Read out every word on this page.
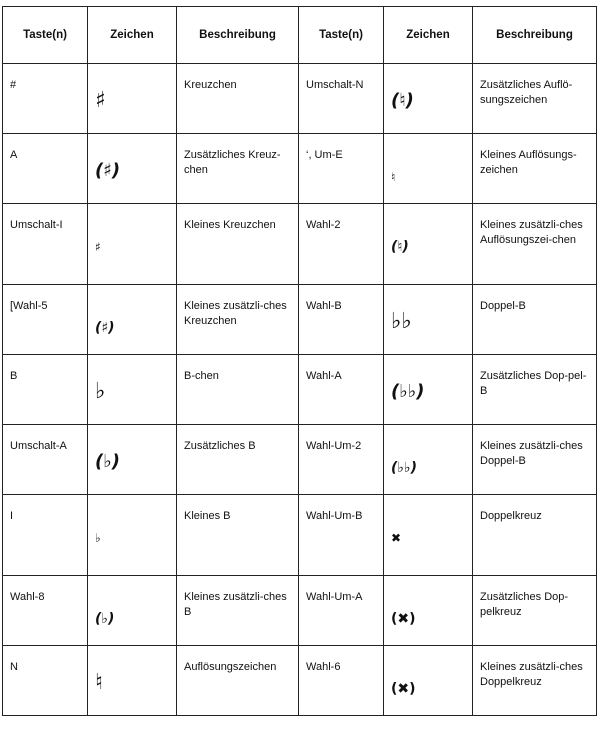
Taste(n)	Zeichen	Beschreibung	Taste(n)	Zeichen	Beschreibung
#	♯	Kreuzchen	Umschalt-N	(♮)	Zusätzliches Auflö-sungszeichen
A	(♯)	Zusätzliches Kreuz-chen	‘, Um-E	♮	Kleines Auflösungs-zeichen
Umschalt-I	♯	Kleines Kreuzchen	Wahl-2	(♮)	Kleines zusätzli-ches Auflösungszei-chen
[Wahl-5	(♯)	Kleines zusätzli-ches Kreuzchen	Wahl-B	♭♭	Doppel-B
B	♭	B-chen	Wahl-A	(♭♭)	Zusätzliches Dop-pel-B
Umschalt-A	(♭)	Zusätzliches B	Wahl-Um-2	(♭♭)	Kleines zusätzli-ches Doppel-B
I	♭	Kleines B	Wahl-Um-B	✖	Doppelkreuz
Wahl-8	(♭)	Kleines zusätzli-ches B	Wahl-Um-A	(✖)	Zusätzliches Dop-pelkreuz
N	♮	Auflösungszeichen	Wahl-6	(✖)	Kleines zusätzli-ches Doppelkreuz
